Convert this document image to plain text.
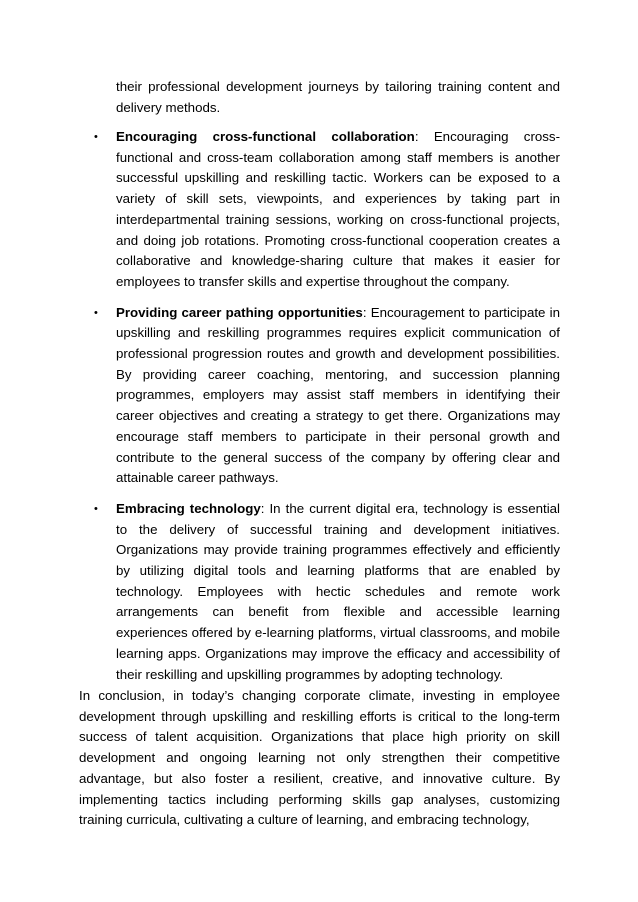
their professional development journeys by tailoring training content and delivery methods.

• Encouraging cross-functional collaboration: Encouraging cross-functional and cross-team collaboration among staff members is another successful upskilling and reskilling tactic. Workers can be exposed to a variety of skill sets, viewpoints, and experiences by taking part in interdepartmental training sessions, working on cross-functional projects, and doing job rotations. Promoting cross-functional cooperation creates a collaborative and knowledge-sharing culture that makes it easier for employees to transfer skills and expertise throughout the company.
• Providing career pathing opportunities: Encouragement to participate in upskilling and reskilling programmes requires explicit communication of professional progression routes and growth and development possibilities. By providing career coaching, mentoring, and succession planning programmes, employers may assist staff members in identifying their career objectives and creating a strategy to get there. Organizations may encourage staff members to participate in their personal growth and contribute to the general success of the company by offering clear and attainable career pathways.
• Embracing technology: In the current digital era, technology is essential to the delivery of successful training and development initiatives. Organizations may provide training programmes effectively and efficiently by utilizing digital tools and learning platforms that are enabled by technology. Employees with hectic schedules and remote work arrangements can benefit from flexible and accessible learning experiences offered by e-learning platforms, virtual classrooms, and mobile learning apps. Organizations may improve the efficacy and accessibility of their reskilling and upskilling programmes by adopting technology.

In conclusion, in today’s changing corporate climate, investing in employee development through upskilling and reskilling efforts is critical to the long-term success of talent acquisition. Organizations that place high priority on skill development and ongoing learning not only strengthen their competitive advantage, but also foster a resilient, creative, and innovative culture. By implementing tactics including performing skills gap analyses, customizing training curricula, cultivating a culture of learning, and embracing technology,
